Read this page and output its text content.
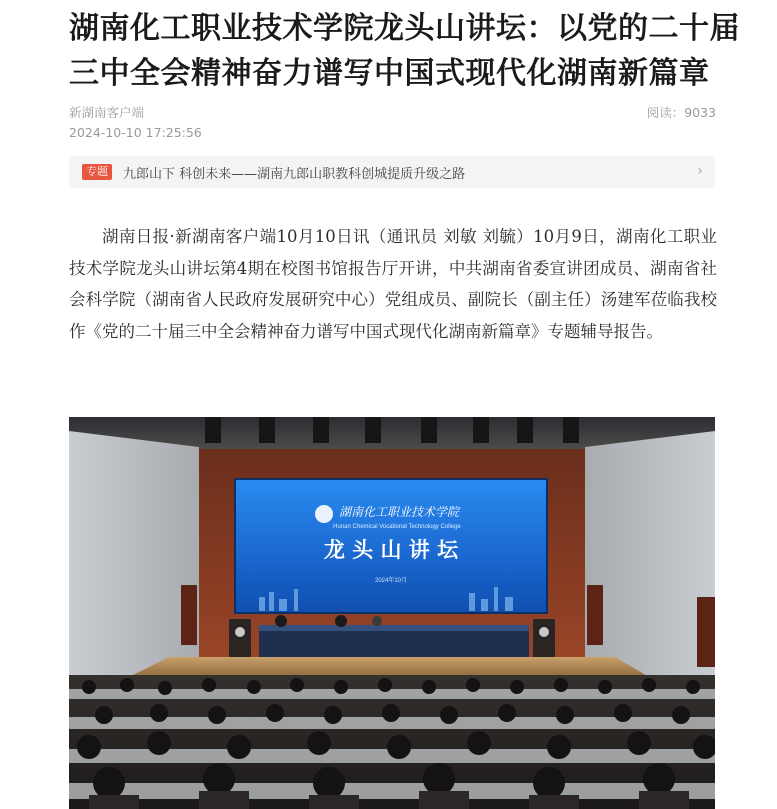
湖南化工职业技术学院龙头山讲坛：以党的二十届
三中全会精神奋力谱写中国式现代化湖南新篇章
新湖南客户端
2024-10-10 17:25:56
阅读：9033
专题	九郎山下 科创未来——湖南九郎山职教科创城提质升级之路	›

湖南日报·新湖南客户端10月10日讯（通讯员 刘敏 刘毓）10月9日，湖南化工职业技术学院龙头山讲坛第4期在校图书馆报告厅开讲，中共湖南省委宣讲团成员、湖南省社会科学院（湖南省人民政府发展研究中心）党组成员、副院长（副主任）汤建军莅临我校作《党的二十届三中全会精神奋力谱写中国式现代化湖南新篇章》专题辅导报告。

湖南化工职业技术学院
Hunan Chemical Vocational Technology College
龙 头 山 讲 坛
2024年10月
